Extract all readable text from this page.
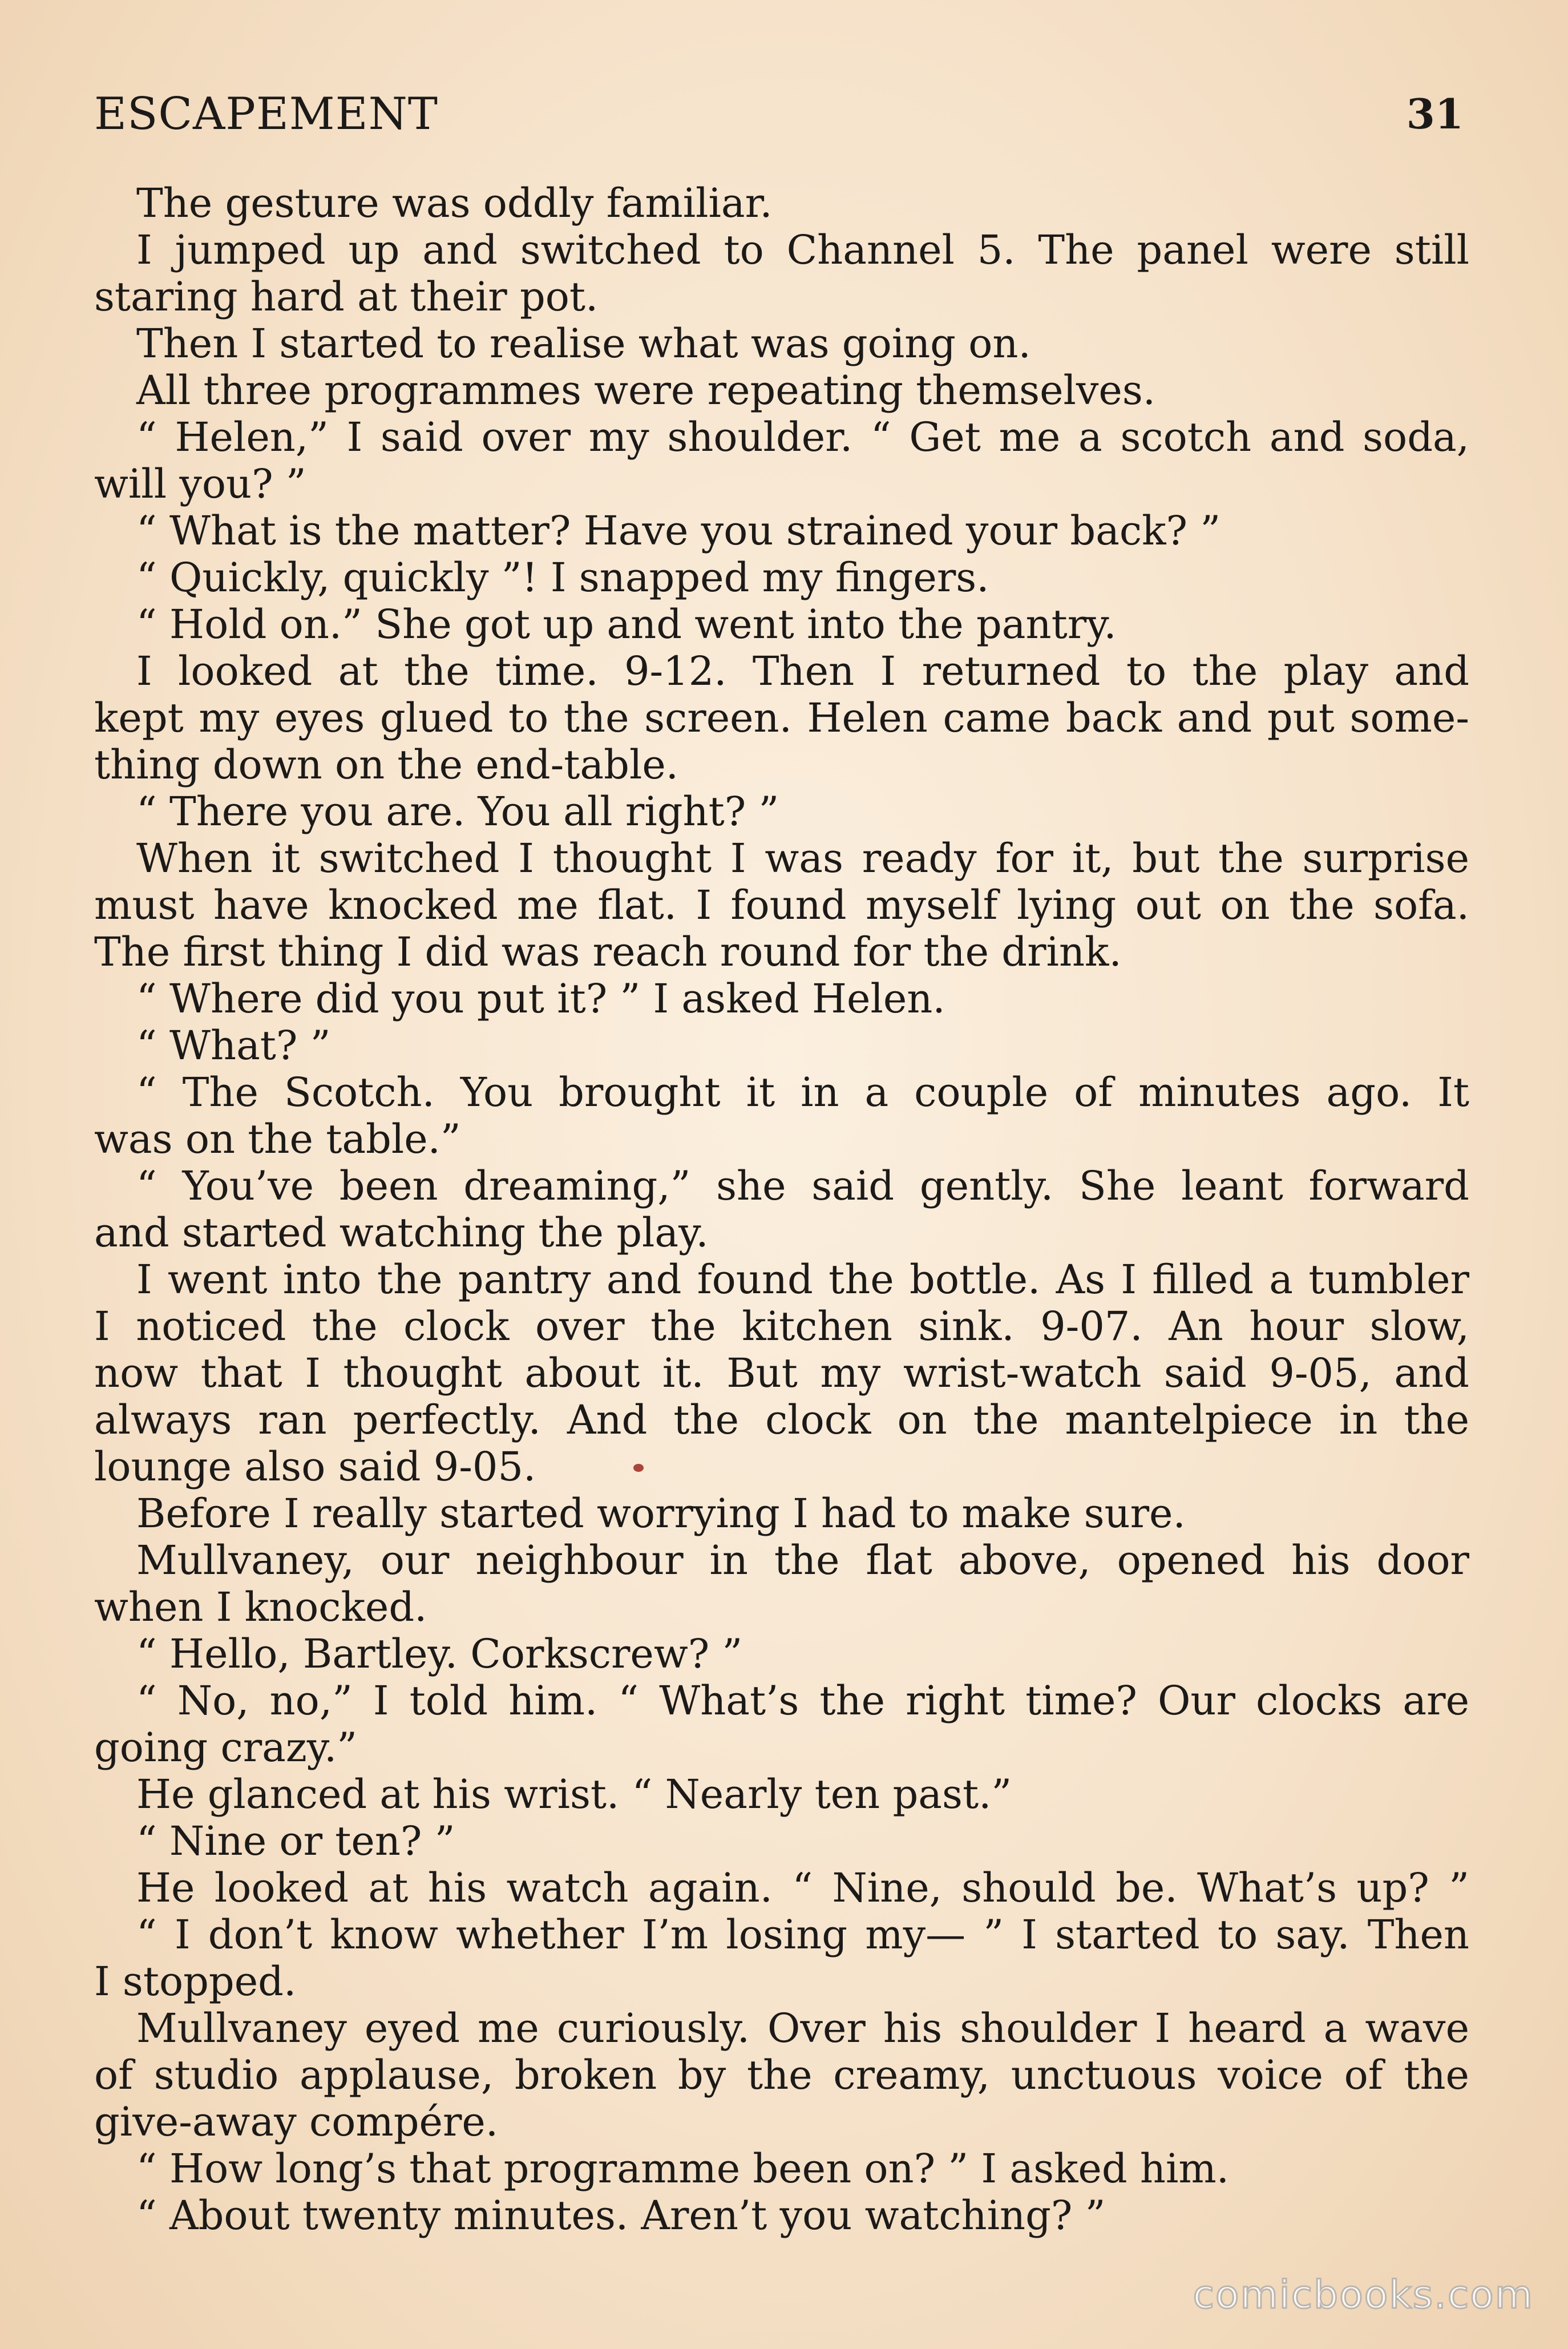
ESCAPEMENT	31
The gesture was oddly familiar.
I jumped up and switched to Channel 5. The panel were still
staring hard at their pot.
Then I started to realise what was going on.
All three programmes were repeating themselves.
“ Helen,” I said over my shoulder. “ Get me a scotch and soda,
will you? ”
“ What is the matter? Have you strained your back? ”
“ Quickly, quickly ”! I snapped my fingers.
“ Hold on.” She got up and went into the pantry.
I looked at the time. 9-12. Then I returned to the play and
kept my eyes glued to the screen. Helen came back and put some-
thing down on the end-table.
“ There you are. You all right? ”
When it switched I thought I was ready for it, but the surprise
must have knocked me flat. I found myself lying out on the sofa.
The first thing I did was reach round for the drink.
“ Where did you put it? ” I asked Helen.
“ What? ”
“ The Scotch. You brought it in a couple of minutes ago. It
was on the table.”
“ You’ve been dreaming,” she said gently. She leant forward
and started watching the play.
I went into the pantry and found the bottle. As I filled a tumbler
I noticed the clock over the kitchen sink. 9-07. An hour slow,
now that I thought about it. But my wrist-watch said 9-05, and
always ran perfectly. And the clock on the mantelpiece in the
lounge also said 9-05.
Before I really started worrying I had to make sure.
Mullvaney, our neighbour in the flat above, opened his door
when I knocked.
“ Hello, Bartley. Corkscrew? ”
“ No, no,” I told him. “ What’s the right time? Our clocks are
going crazy.”
He glanced at his wrist. “ Nearly ten past.”
“ Nine or ten? ”
He looked at his watch again. “ Nine, should be. What’s up? ”
“ I don’t know whether I’m losing my— ” I started to say. Then
I stopped.
Mullvaney eyed me curiously. Over his shoulder I heard a wave
of studio applause, broken by the creamy, unctuous voice of the
give-away compére.
“ How long’s that programme been on? ” I asked him.
“ About twenty minutes. Aren’t you watching? ”
comicbooks.com
